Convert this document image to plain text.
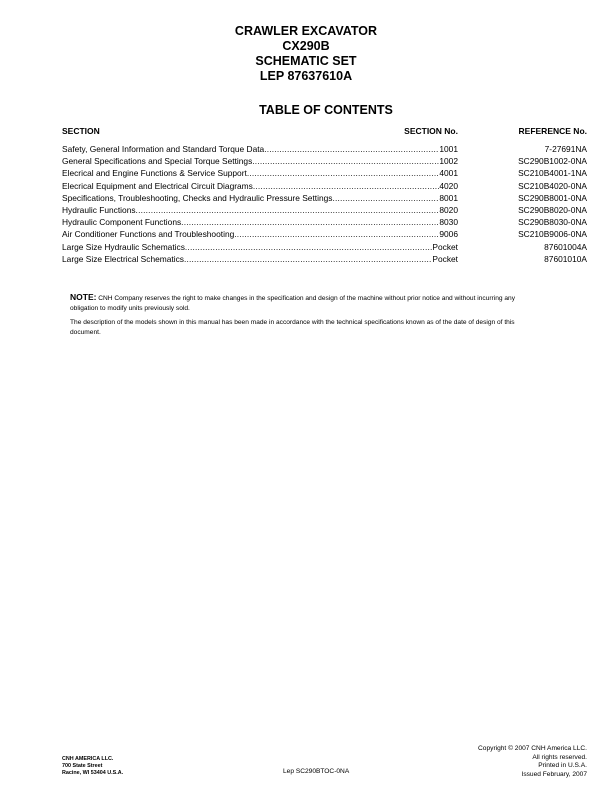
CRAWLER EXCAVATOR
CX290B
SCHEMATIC SET
LEP 87637610A
TABLE OF CONTENTS
SECTION	SECTION No.	REFERENCE No.
Safety, General Information and Standard Torque Data .....	1001	7-27691NA
General Specifications and Special Torque Settings .....	1002	SC290B1002-0NA
Elecrical and Engine Functions & Service Support .....	4001	SC210B4001-1NA
Elecrical Equipment and Electrical Circuit Diagrams .....	4020	SC210B4020-0NA
Specifications, Troubleshooting, Checks and Hydraulic Pressure Settings .....	8001	SC290B8001-0NA
Hydraulic Functions .....	8020	SC290B8020-0NA
Hydraulic Component Functions .....	8030	SC290B8030-0NA
Air Conditioner Functions and Troubleshooting .....	9006	SC210B9006-0NA
Large Size Hydraulic Schematics .....	Pocket	87601004A
Large Size Electrical Schematics .....	Pocket	87601010A

NOTE: CNH Company reserves the right to make changes in the specification and design of the machine without prior notice and without incurring any obligation to modify units previously sold.

The description of the models shown in this manual has been made in accordance with the technical specifications known as of the date of design of this document.

CNH AMERICA LLC.
700 State Street
Racine, WI 53404 U.S.A.	Lep SC290BTOC-0NA
Copyright © 2007 CNH America LLC.
All rights reserved.
Printed in U.S.A.
Issued February, 2007
